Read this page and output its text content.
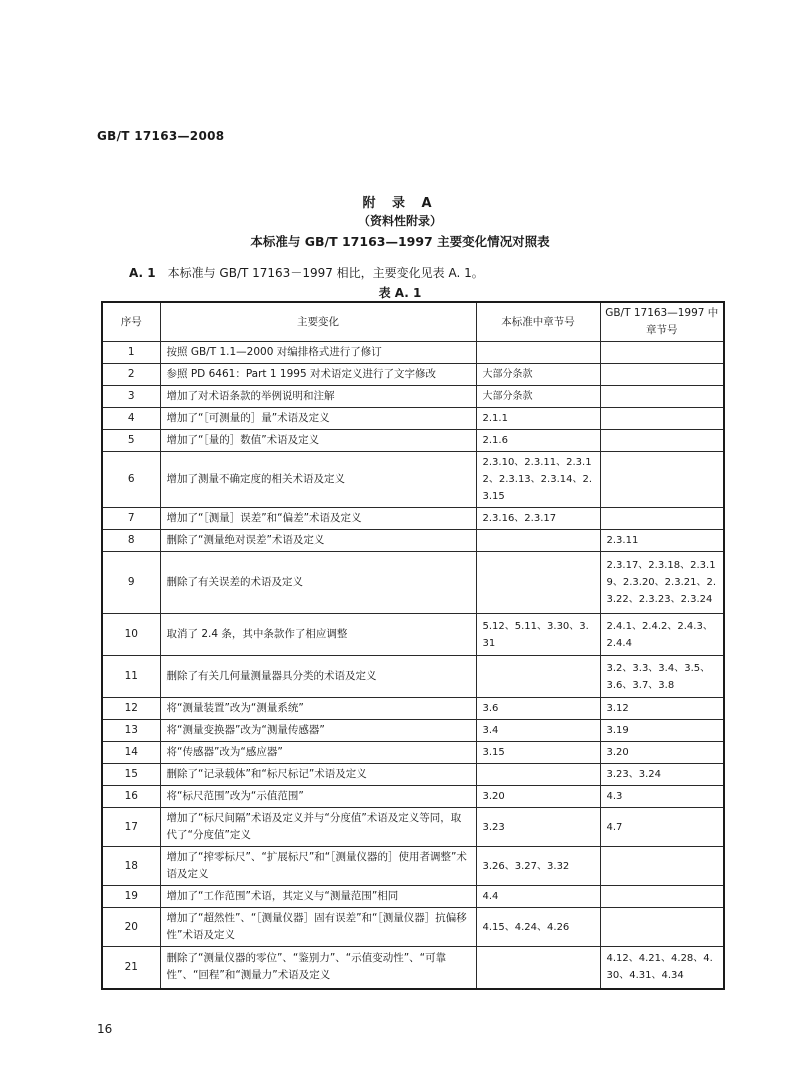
GB/T 17163—2008
附 录 A
（资料性附录）
本标准与 GB/T 17163—1997 主要变化情况对照表
A. 1 本标准与 GB/T 17163－1997 相比，主要变化见表 A. 1。
表 A. 1
序号	主要变化	本标准中章节号	GB/T 17163—1997 中章节号
1	按照 GB/T 1.1—2000 对编排格式进行了修订		
2	参照 PD 6461：Part 1 1995 对术语定义进行了文字修改	大部分条款	
3	增加了对术语条款的举例说明和注解	大部分条款	
4	增加了“［可测量的］量”术语及定义	2.1.1	
5	增加了“［量的］数值”术语及定义	2.1.6	
6	增加了测量不确定度的相关术语及定义	2.3.10、2.3.11、2.3.12、2.3.13、2.3.14、2.3.15	
7	增加了“［测量］误差”和“偏差”术语及定义	2.3.16、2.3.17	
8	删除了“测量绝对误差”术语及定义		2.3.11
9	删除了有关误差的术语及定义		2.3.17、2.3.18、2.3.19、2.3.20、2.3.21、2.3.22、2.3.23、2.3.24
10	取消了 2.4 条，其中条款作了相应调整	5.12、5.11、3.30、3.31	2.4.1、2.4.2、2.4.3、2.4.4
11	删除了有关几何量测量器具分类的术语及定义		3.2、3.3、3.4、3.5、3.6、3.7、3.8
12	将“测量装置”改为“测量系统”	3.6	3.12
13	将“测量变换器”改为“测量传感器”	3.4	3.19
14	将“传感器”改为“感应器”	3.15	3.20
15	删除了“记录载体”和“标尺标记”术语及定义		3.23、3.24
16	将“标尺范围”改为“示值范围”	3.20	4.3
17	增加了“标尺间隔”术语及定义并与“分度值”术语及定义等同，取代了“分度值”定义	3.23	4.7
18	增加了“搾零标尺”、“扩展标尺”和“［测量仪器的］使用者调整”术语及定义	3.26、3.27、3.32	
19	增加了“工作范围”术语，其定义与“测量范围”相同	4.4	
20	增加了“超然性”、“［测量仪器］固有误差”和“［测量仪器］抗偏移性”术语及定义	4.15、4.24、4.26	
21	删除了“测量仪器的零位”、“鉴别力”、“示值变动性”、“可靠性”、“回程”和“测量力”术语及定义		4.12、4.21、4.28、4.30、4.31、4.34
16
